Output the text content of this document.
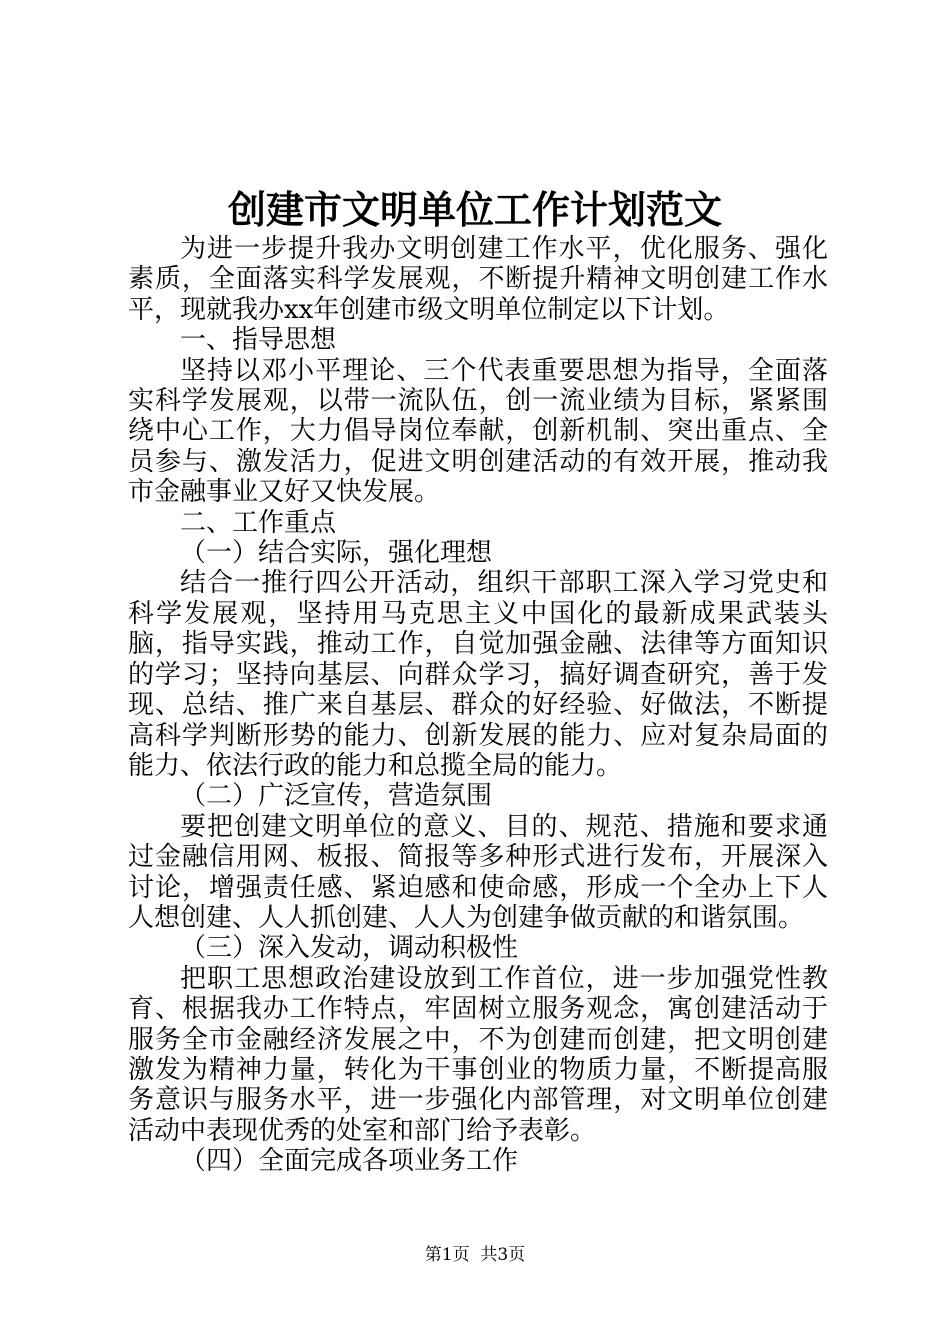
创建市文明单位工作计划范文

为进一步提升我办文明创建工作水平，优化服务、强化素质，全面落实科学发展观，不断提升精神文明创建工作水平，现就我办xx年创建市级文明单位制定以下计划。

一、指导思想

坚持以邓小平理论、三个代表重要思想为指导，全面落实科学发展观，以带一流队伍，创一流业绩为目标，紧紧围绕中心工作，大力倡导岗位奉献，创新机制、突出重点、全员参与、激发活力，促进文明创建活动的有效开展，推动我市金融事业又好又快发展。

二、工作重点

（一）结合实际，强化理想

结合一推行四公开活动，组织干部职工深入学习党史和科学发展观，坚持用马克思主义中国化的最新成果武装头脑，指导实践，推动工作，自觉加强金融、法律等方面知识的学习；坚持向基层、向群众学习，搞好调查研究，善于发现、总结、推广来自基层、群众的好经验、好做法，不断提高科学判断形势的能力、创新发展的能力、应对复杂局面的能力、依法行政的能力和总揽全局的能力。

（二）广泛宣传，营造氛围

要把创建文明单位的意义、目的、规范、措施和要求通过金融信用网、板报、简报等多种形式进行发布，开展深入讨论，增强责任感、紧迫感和使命感，形成一个全办上下人人想创建、人人抓创建、人人为创建争做贡献的和谐氛围。

（三）深入发动，调动积极性

把职工思想政治建设放到工作首位，进一步加强党性教育、根据我办工作特点，牢固树立服务观念，寓创建活动于服务全市金融经济发展之中，不为创建而创建，把文明创建激发为精神力量，转化为干事创业的物质力量，不断提高服务意识与服务水平，进一步强化内部管理，对文明单位创建活动中表现优秀的处室和部门给予表彰。

（四）全面完成各项业务工作

第1页 共3页
